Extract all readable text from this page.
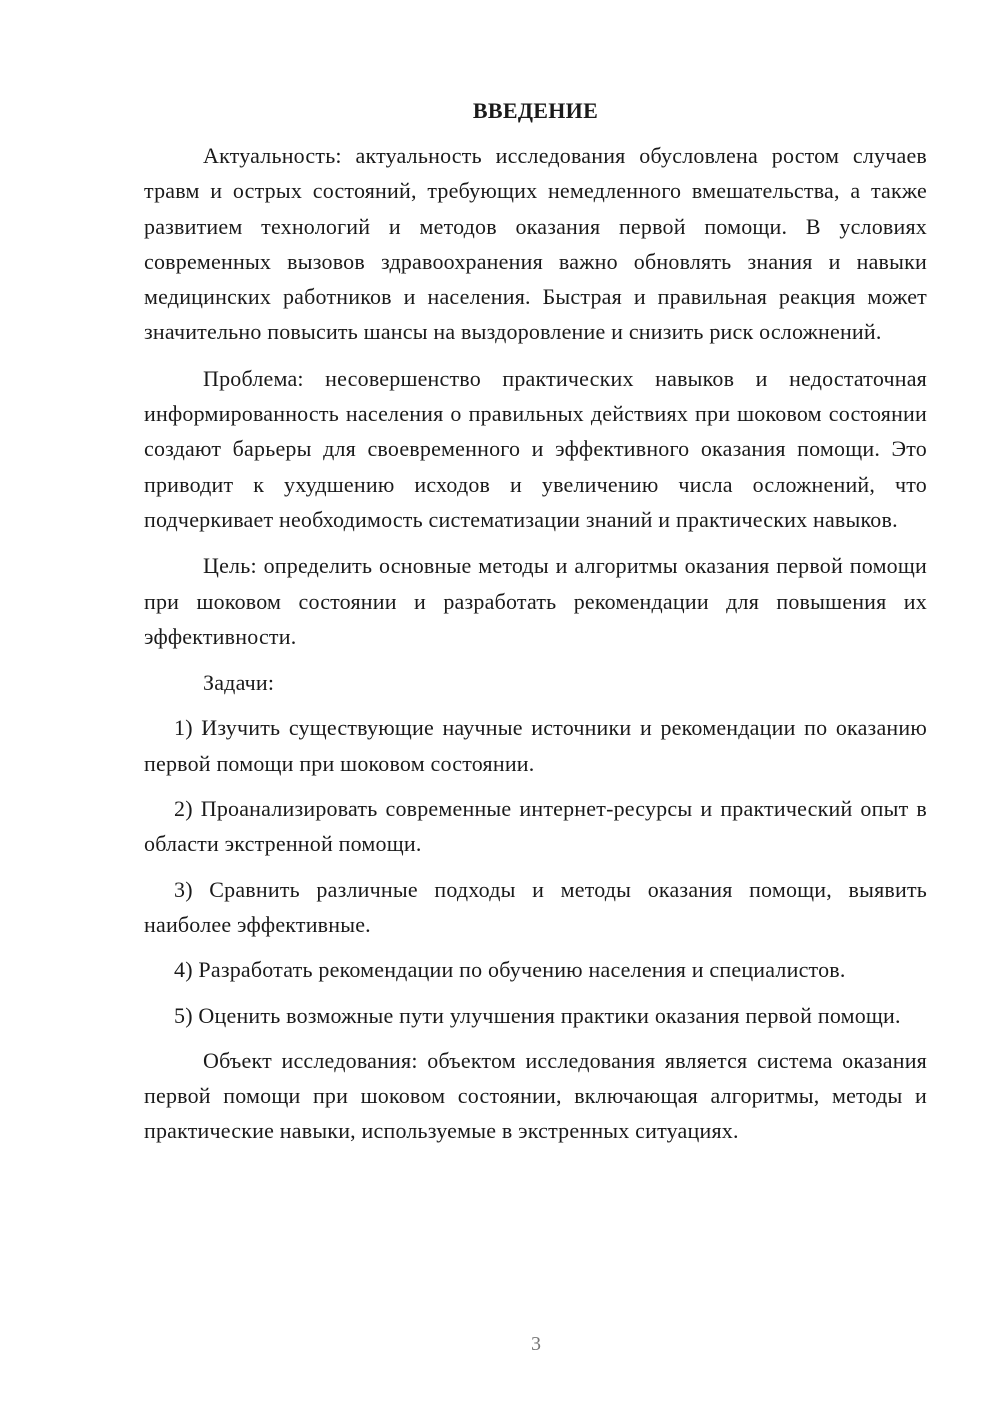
ВВЕДЕНИЕ

Актуальность: актуальность исследования обусловлена ростом случаев травм и острых состояний, требующих немедленного вмешательства, а также развитием технологий и методов оказания первой помощи. В условиях современных вызовов здравоохранения важно обновлять знания и навыки медицинских работников и населения. Быстрая и правильная реакция может значительно повысить шансы на выздоровление и снизить риск осложнений.

Проблема: несовершенство практических навыков и недостаточная информированность населения о правильных действиях при шоковом состоянии создают барьеры для своевременного и эффективного оказания помощи. Это приводит к ухудшению исходов и увеличению числа осложнений, что подчеркивает необходимость систематизации знаний и практических навыков.

Цель: определить основные методы и алгоритмы оказания первой помощи при шоковом состоянии и разработать рекомендации для повышения их эффективности.

Задачи:

1) Изучить существующие научные источники и рекомендации по оказанию первой помощи при шоковом состоянии.

2) Проанализировать современные интернет-ресурсы и практический опыт в области экстренной помощи.

3) Сравнить различные подходы и методы оказания помощи, выявить наиболее эффективные.

4) Разработать рекомендации по обучению населения и специалистов.

5) Оценить возможные пути улучшения практики оказания первой помощи.

Объект исследования: объектом исследования является система оказания первой помощи при шоковом состоянии, включающая алгоритмы, методы и практические навыки, используемые в экстренных ситуациях.

3
